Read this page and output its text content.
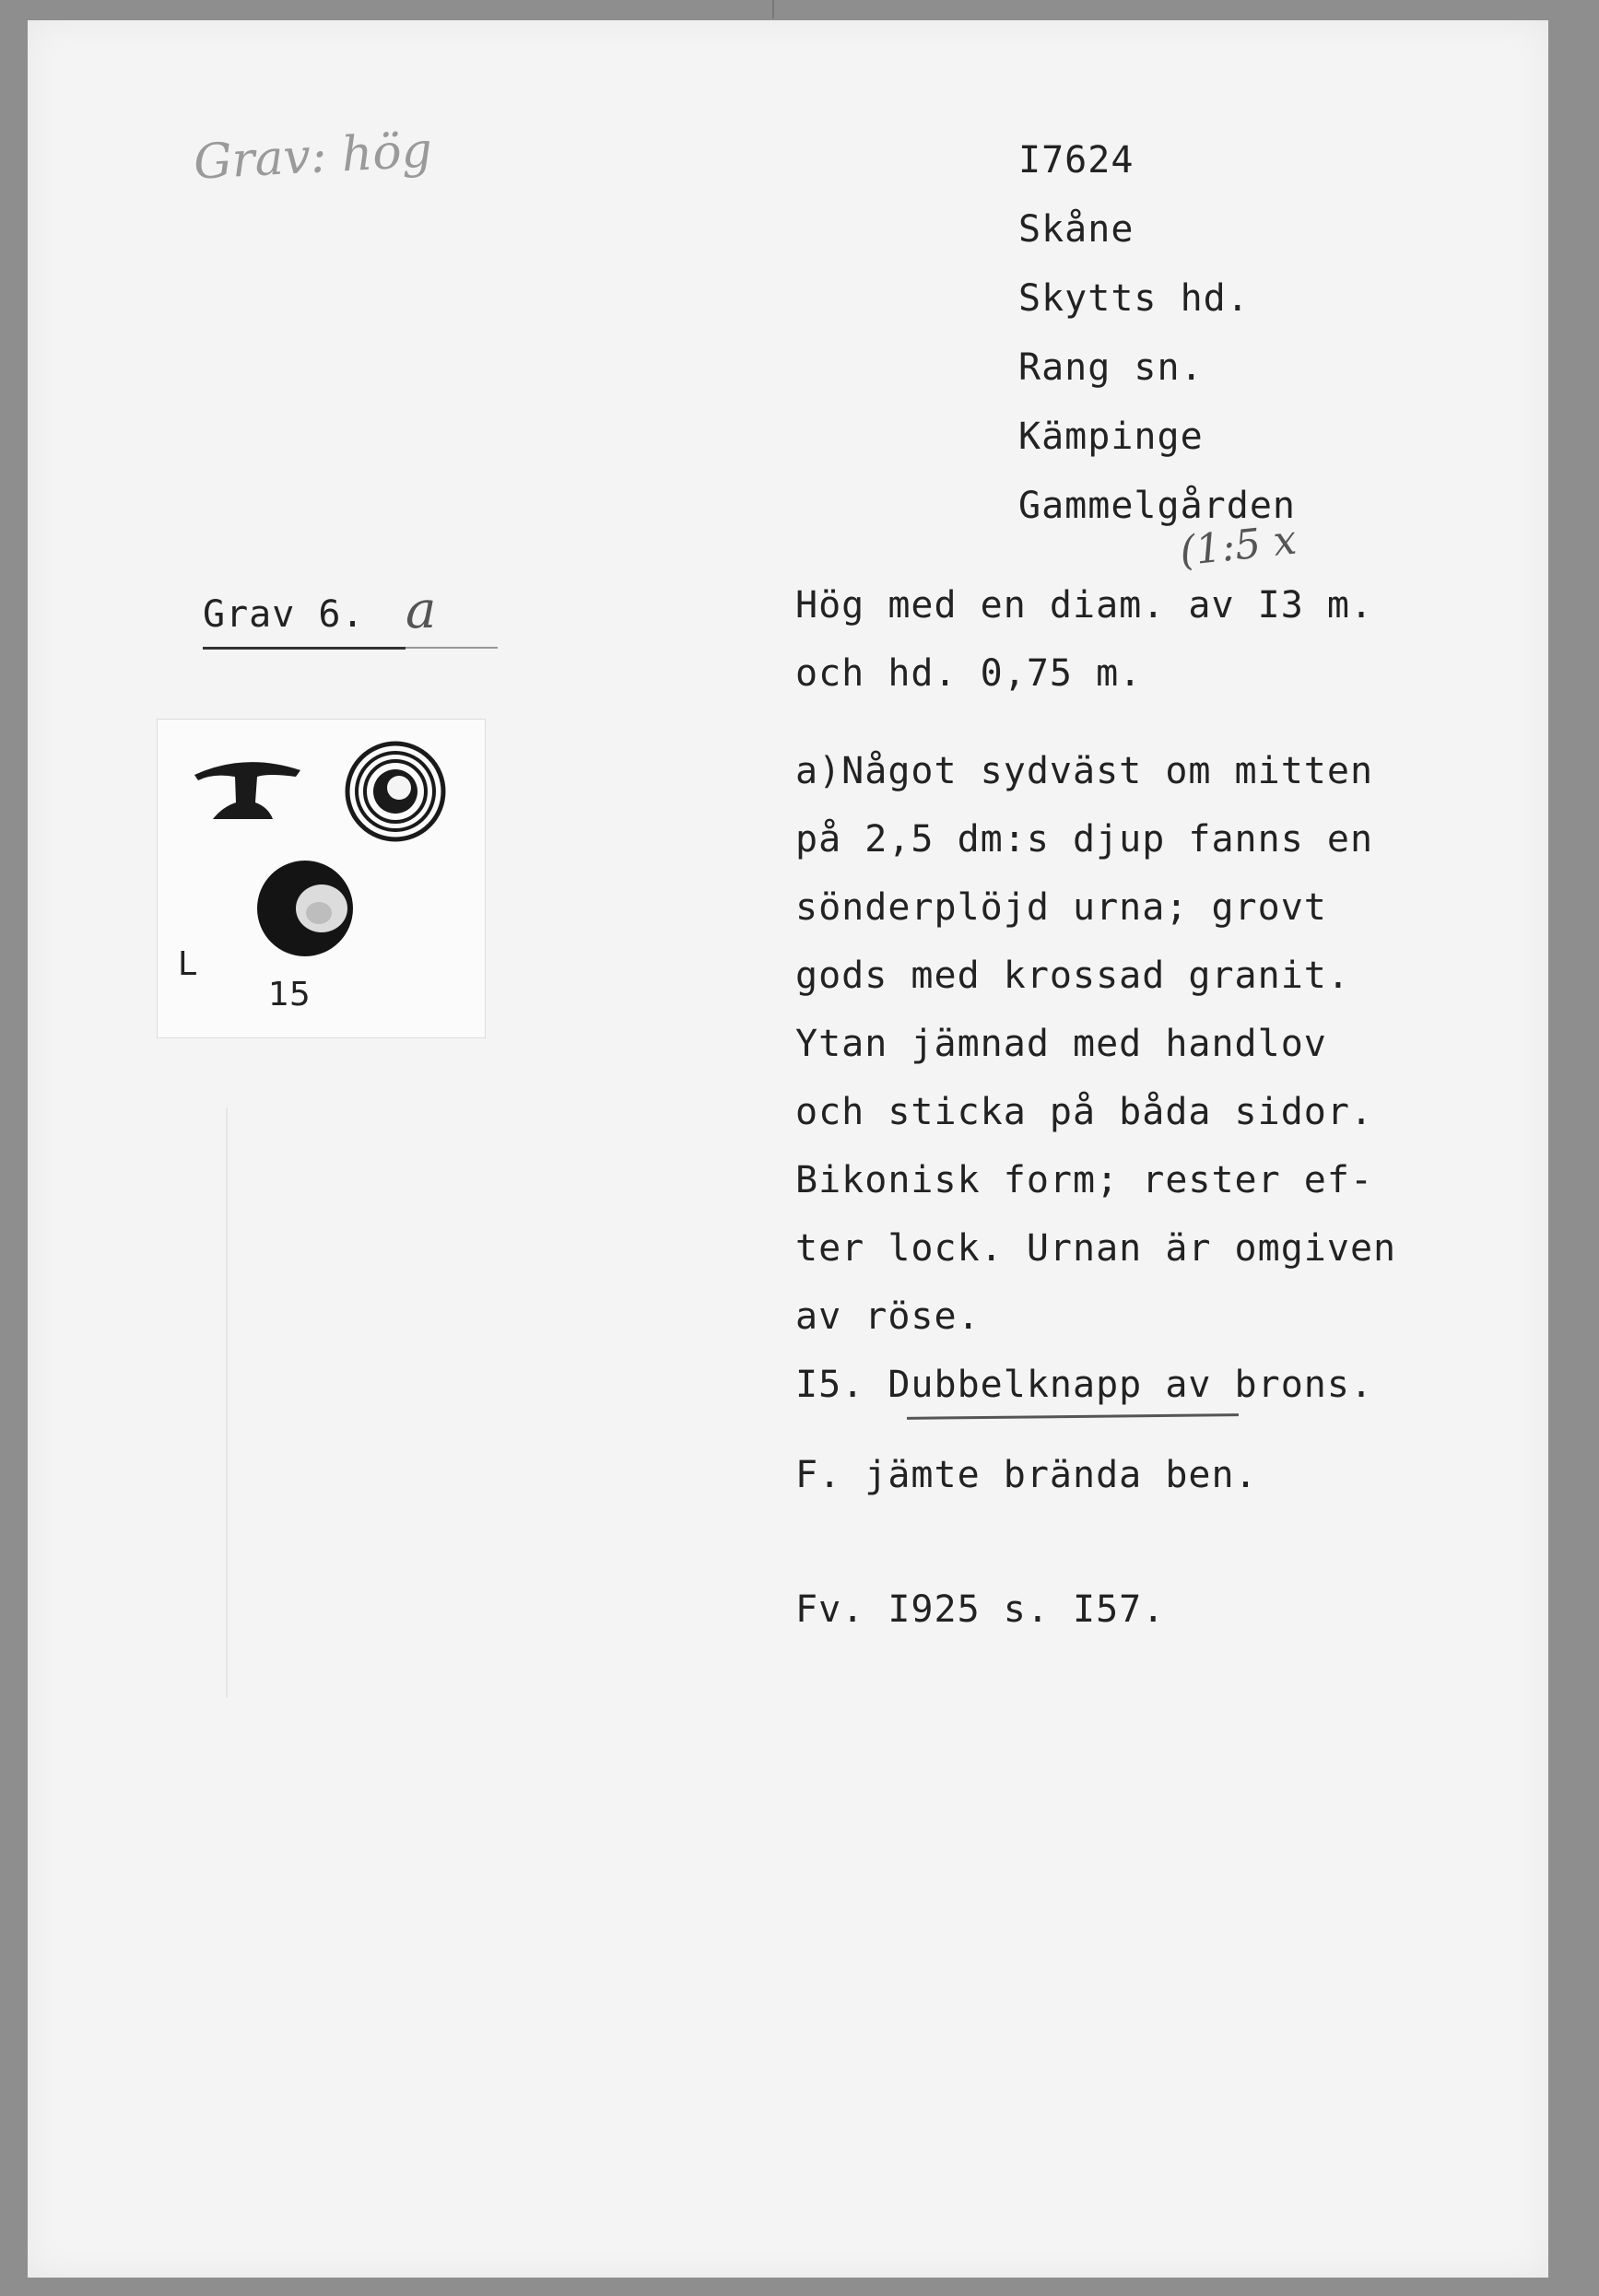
Grav: hög	I7624
Skåne
Skytts hd.
Rang sn.
Kämpinge
Gammelgården
(1:5 x
Grav 6. a
L
15
Hög med en diam. av I3 m.
och hd. 0,75 m.
a)Något sydväst om mitten
på 2,5 dm:s djup fanns en
sönderplöjd urna; grovt
gods med krossad granit.
Ytan jämnad med handlov
och sticka på båda sidor.
Bikonisk form; rester ef-
ter lock. Urnan är omgiven
av röse.
I5. Dubbelknapp av brons.
F. jämte brända ben.
Fv. I925 s. I57.
